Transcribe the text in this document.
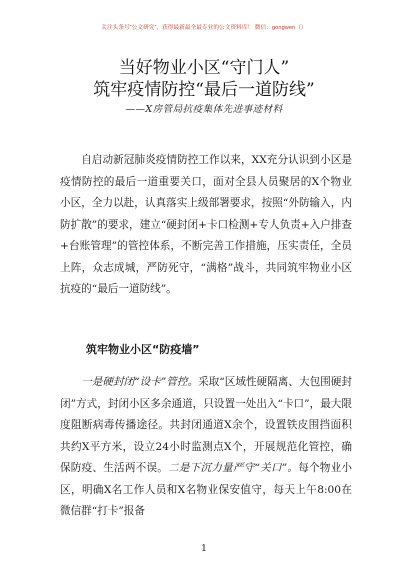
关注头条号“公文研究”，获得最新最全最专业的公文资料库！ 微信：gongwen（）
当好物业小区“守门人”
筑牢疫情防控“最后一道防线”
——X房管局抗疫集体先进事迹材料

自启动新冠肺炎疫情防控工作以来，XX充分认识到小区是疫情防控的最后一道重要关口，面对全县人员聚居的X个物业小区，全力以赴，认真落实上级部署要求，按照“外防输入，内防扩散”的要求，建立“硬封闭+卡口检测+专人负责+入户排查+台账管理”的管控体系，不断完善工作措施，压实责任，全员上阵，众志成城，严防死守，“满格”战斗，共同筑牢物业小区抗疫的“最后一道防线”。

筑牢物业小区“防疫墙”

一是硬封闭“设卡”管控。采取“区域性硬隔离、大包围硬封闭”方式，封闭小区多余通道，只设置一处出入“卡口”，最大限度阻断病毒传播途径。共封闭通道X余个，设置铁皮围挡面积共约X平方米，设立24小时监测点X个，开展规范化管控，确保防疫、生活两不误。二是下沉力量严守“关口”。每个物业小区，明确X名工作人员和X名物业保安值守，每天上午8:00在微信群“打卡”报备

1
